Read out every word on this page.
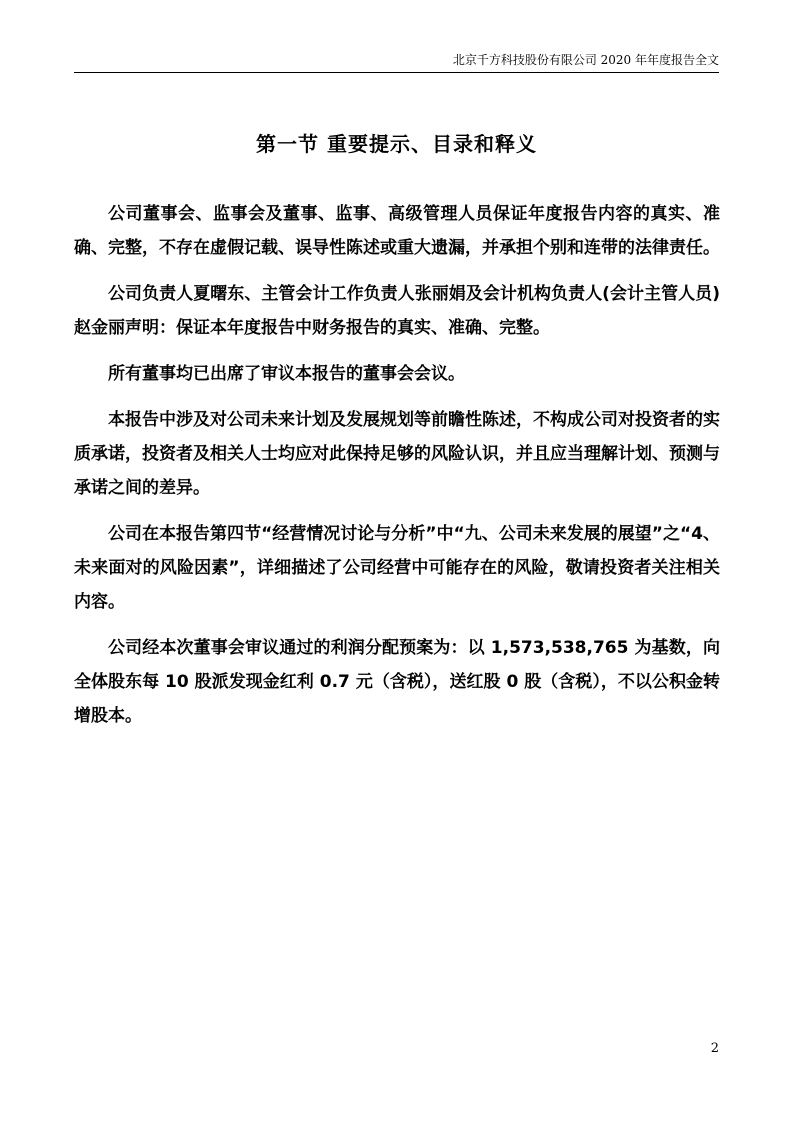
北京千方科技股份有限公司 2020 年年度报告全文
第一节 重要提示、目录和释义

公司董事会、监事会及董事、监事、高级管理人员保证年度报告内容的真实、准确、完整，不存在虚假记载、误导性陈述或重大遗漏，并承担个别和连带的法律责任。

公司负责人夏曙东、主管会计工作负责人张丽娟及会计机构负责人(会计主管人员)赵金丽声明：保证本年度报告中财务报告的真实、准确、完整。

所有董事均已出席了审议本报告的董事会会议。

本报告中涉及对公司未来计划及发展规划等前瞻性陈述，不构成公司对投资者的实质承诺，投资者及相关人士均应对此保持足够的风险认识，并且应当理解计划、预测与承诺之间的差异。

公司在本报告第四节“经营情况讨论与分析”中“九、公司未来发展的展望”之“4、未来面对的风险因素”，详细描述了公司经营中可能存在的风险，敬请投资者关注相关内容。

公司经本次董事会审议通过的利润分配预案为：以 1,573,538,765 为基数，向全体股东每 10 股派发现金红利 0.7 元（含税），送红股 0 股（含税），不以公积金转增股本。

2
